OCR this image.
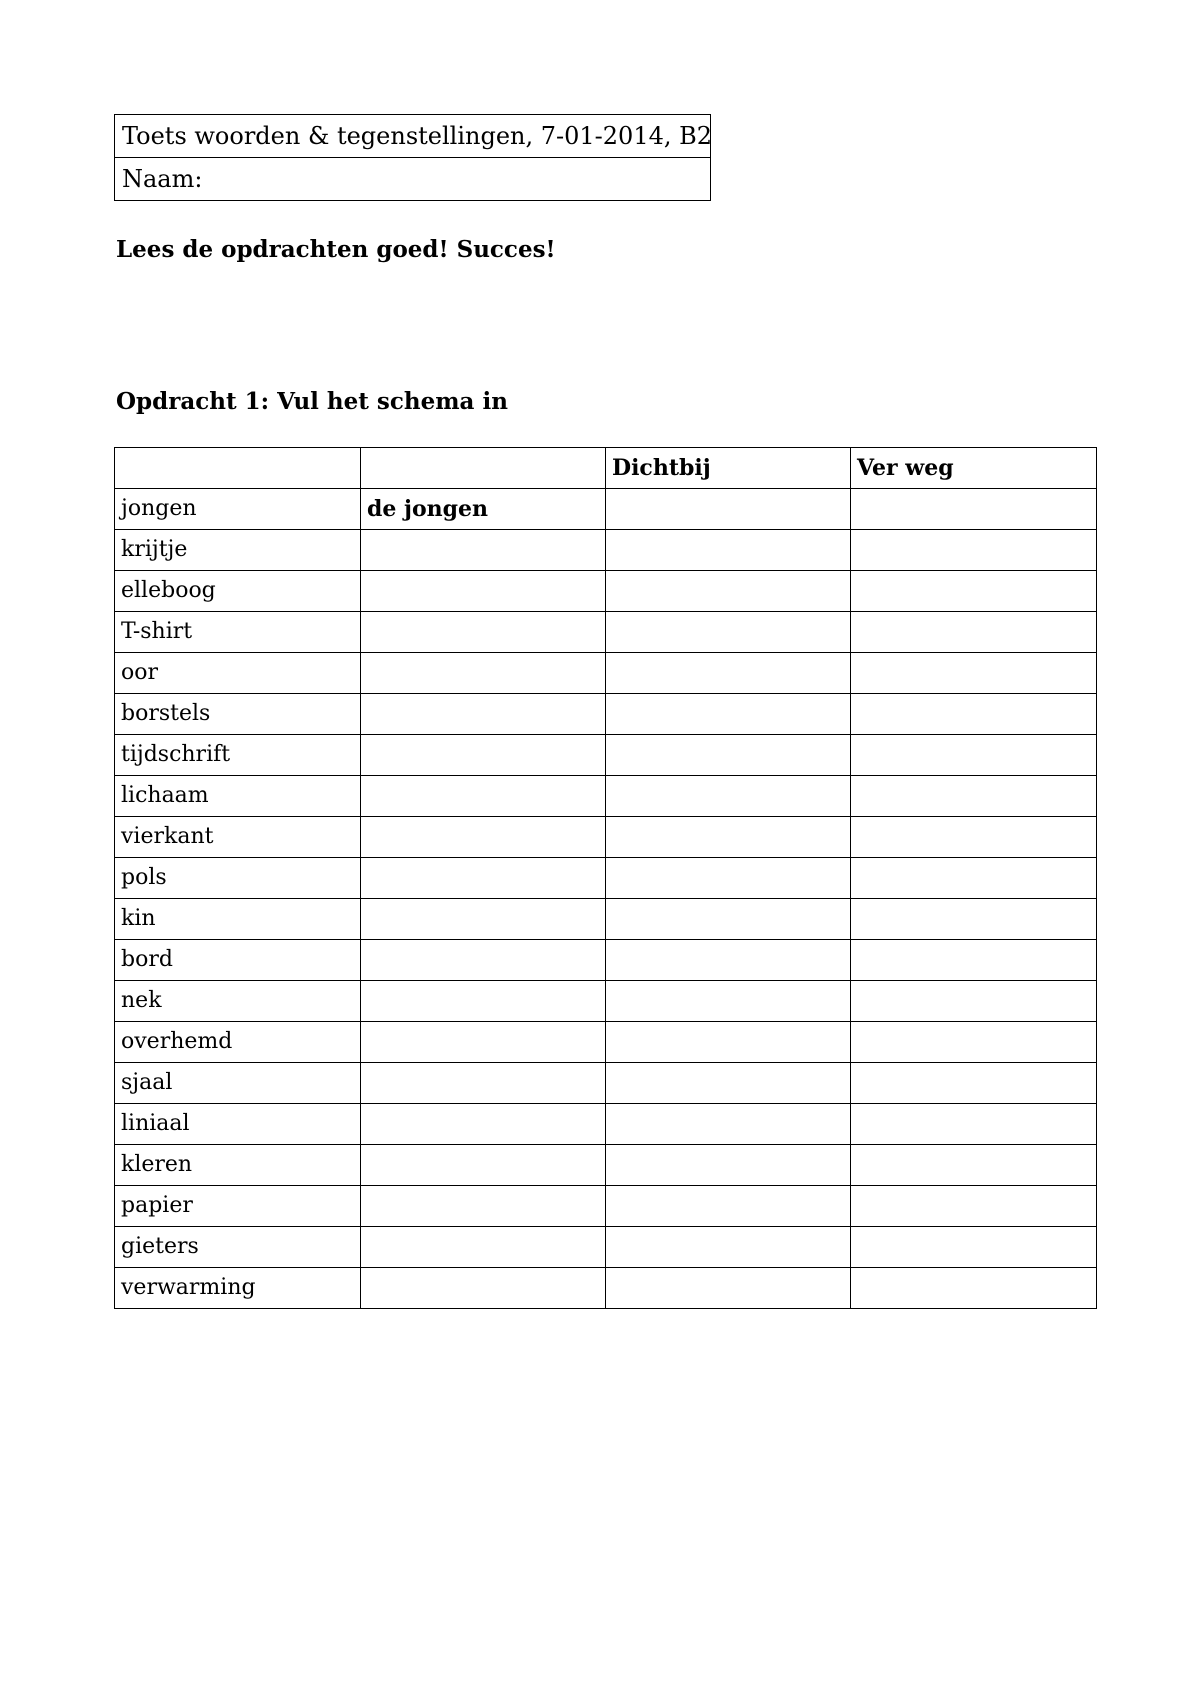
Toets woorden & tegenstellingen, 7-01-2014, B2
Naam:

Lees de opdrachten goed! Succes!

Opdracht 1: Vul het schema in

		Dichtbij	Ver weg
jongen	de jongen		
krijtje			
elleboog			
T-shirt			
oor			
borstels			
tijdschrift			
lichaam			
vierkant			
pols			
kin			
bord			
nek			
overhemd			
sjaal			
liniaal			
kleren			
papier			
gieters			
verwarming			
